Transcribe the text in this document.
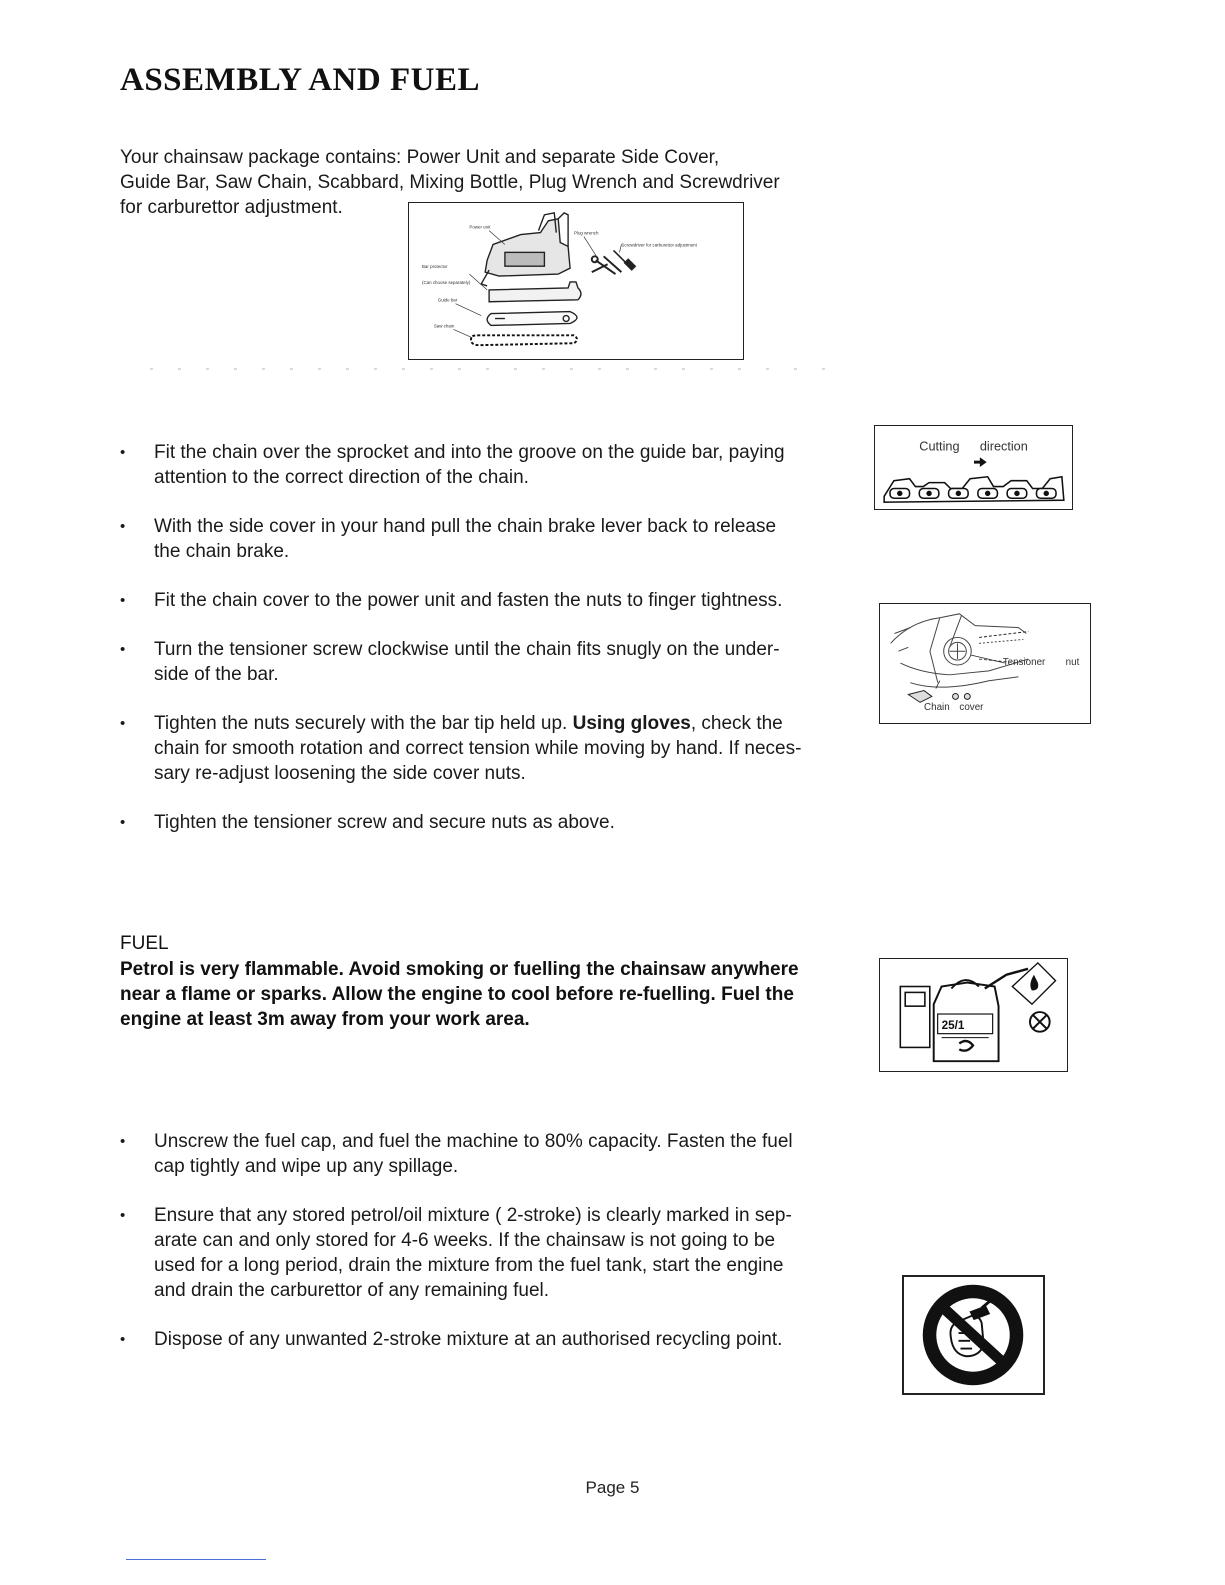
ASSEMBLY AND FUEL
Your chainsaw package contains: Power Unit and separate Side Cover,
Guide Bar, Saw Chain, Scabbard, Mixing Bottle, Plug Wrench and Screwdriver
for carburettor adjustment.
Power unit
Plug wrench
Screwdriver for carburettor adjustment
Bar protector
(Can choose separately)
Guide bar
Saw chain
• Fit the chain over the sprocket and into the groove on the guide bar, paying
attention to the correct direction of the chain.
• With the side cover in your hand pull the chain brake lever back to release
the chain brake.
• Fit the chain cover to the power unit and fasten the nuts to finger tightness.
• Turn the tensioner screw clockwise until the chain fits snugly on the under-
side of the bar.
• Tighten the nuts securely with the bar tip held up. Using gloves, check the
chain for smooth rotation and correct tension while moving by hand. If neces-
sary re-adjust loosening the side cover nuts.
• Tighten the tensioner screw and secure nuts as above.
Cutting direction
Tensioner nut
Chain cover
FUEL
Petrol is very flammable. Avoid smoking or fuelling the chainsaw anywhere
near a flame or sparks. Allow the engine to cool before re-fuelling. Fuel the
engine at least 3m away from your work area.	25/1
• Unscrew the fuel cap, and fuel the machine to 80% capacity. Fasten the fuel
cap tightly and wipe up any spillage.
• Ensure that any stored petrol/oil mixture ( 2-stroke) is clearly marked in sep-
arate can and only stored for 4-6 weeks. If the chainsaw is not going to be
used for a long period, drain the mixture from the fuel tank, start the engine
and drain the carburettor of any remaining fuel.
• Dispose of any unwanted 2-stroke mixture at an authorised recycling point.
Page 5
